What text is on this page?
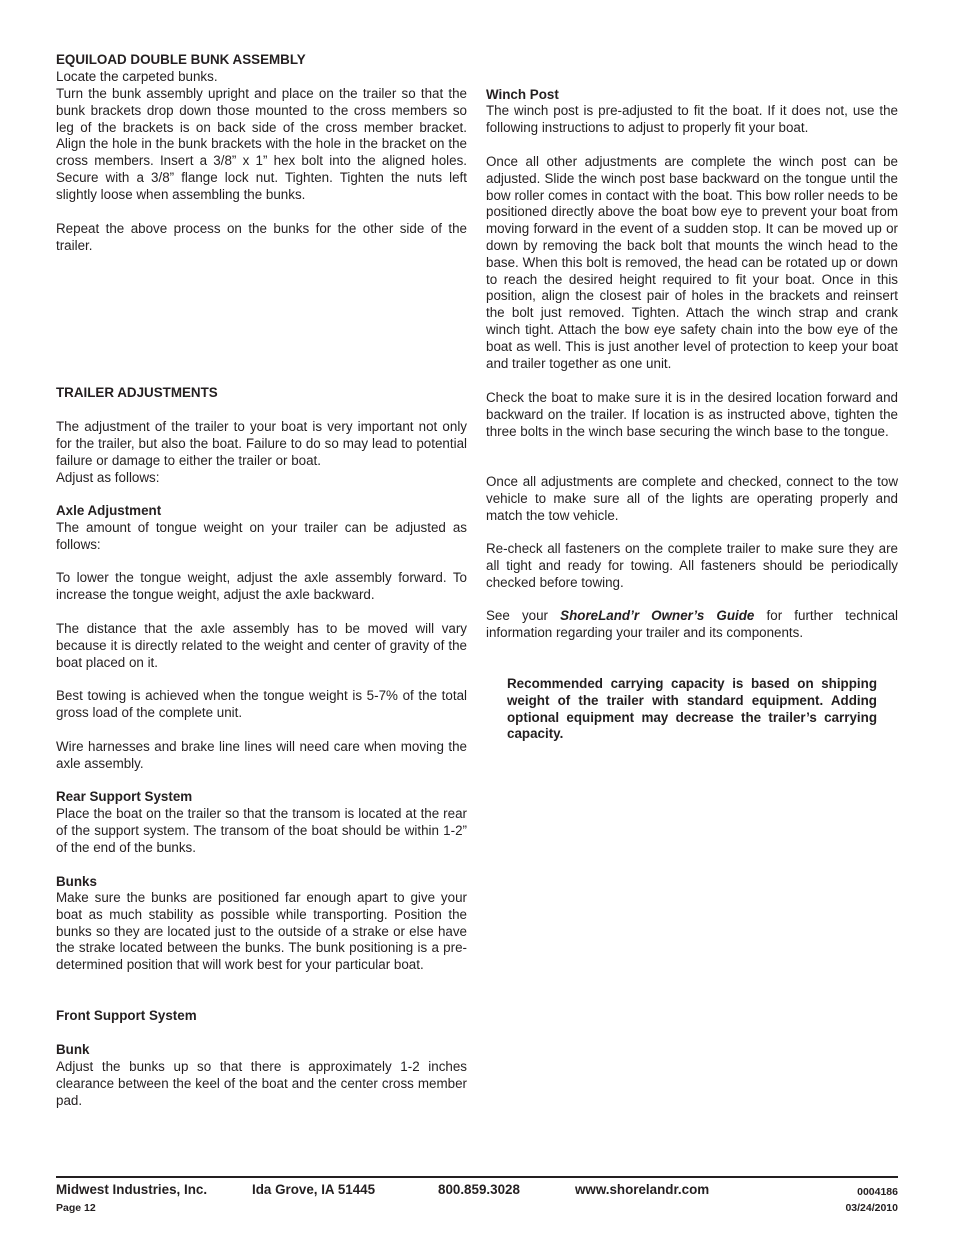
EQUILOAD DOUBLE BUNK ASSEMBLY

Locate the carpeted bunks.

Turn the bunk assembly upright and place on the trailer so that the bunk brackets drop down those mounted to the cross members so leg of the brackets is on back side of the cross member bracket. Align the hole in the bunk brackets with the hole in the bracket on the cross members. Insert a 3/8” x 1” hex bolt into the aligned holes. Secure with a 3/8” flange lock nut. Tighten. Tighten the nuts left slightly loose when assembling the bunks.

Repeat the above process on the bunks for the other side of the trailer.

TRAILER ADJUSTMENTS

The adjustment of the trailer to your boat is very important not only for the trailer, but also the boat. Failure to do so may lead to potential failure or damage to either the trailer or boat.

Adjust as follows:

Axle Adjustment

The amount of tongue weight on your trailer can be adjusted as follows:

To lower the tongue weight, adjust the axle assembly forward. To increase the tongue weight, adjust the axle backward.

The distance that the axle assembly has to be moved will vary because it is directly related to the weight and center of gravity of the boat placed on it.

Best towing is achieved when the tongue weight is 5-7% of the total gross load of the complete unit.

Wire harnesses and brake line lines will need care when moving the axle assembly.

Rear Support System

Place the boat on the trailer so that the transom is located at the rear of the support system. The transom of the boat should be within 1-2” of the end of the bunks.

Bunks

Make sure the bunks are positioned far enough apart to give your boat as much stability as possible while transporting. Position the bunks so they are located just to the outside of a strake or else have the strake located between the bunks. The bunk positioning is a pre-determined position that will work best for your particular boat.

Front Support System

Bunk

Adjust the bunks up so that there is approximately 1-2 inches clearance between the keel of the boat and the center cross member pad.

Winch Post

The winch post is pre-adjusted to fit the boat. If it does not, use the following instructions to adjust to properly fit your boat.

Once all other adjustments are complete the winch post can be adjusted. Slide the winch post base backward on the tongue until the bow roller comes in contact with the boat. This bow roller needs to be positioned directly above the boat bow eye to prevent your boat from moving forward in the event of a sudden stop. It can be moved up or down by removing the back bolt that mounts the winch head to the base. When this bolt is removed, the head can be rotated up or down to reach the desired height required to fit your boat. Once in this position, align the closest pair of holes in the brackets and reinsert the bolt just removed. Tighten. Attach the winch strap and crank winch tight. Attach the bow eye safety chain into the bow eye of the boat as well. This is just another level of protection to keep your boat and trailer together as one unit.

Check the boat to make sure it is in the desired location forward and backward on the trailer. If location is as instructed above, tighten the three bolts in the winch base securing the winch base to the tongue.

Once all adjustments are complete and checked, connect to the tow vehicle to make sure all of the lights are operating properly and match the tow vehicle.

Re-check all fasteners on the complete trailer to make sure they are all tight and ready for towing. All fasteners should be periodically checked before towing.

See your ShoreLand’r Owner’s Guide for further technical information regarding your trailer and its components.

Recommended carrying capacity is based on shipping weight of the trailer with standard equipment. Adding optional equipment may decrease the trailer’s carrying capacity.

Midwest Industries, Inc.	Ida Grove, IA 51445	800.859.3028	www.shorelandr.com	0004186
Page 12	03/24/2010
